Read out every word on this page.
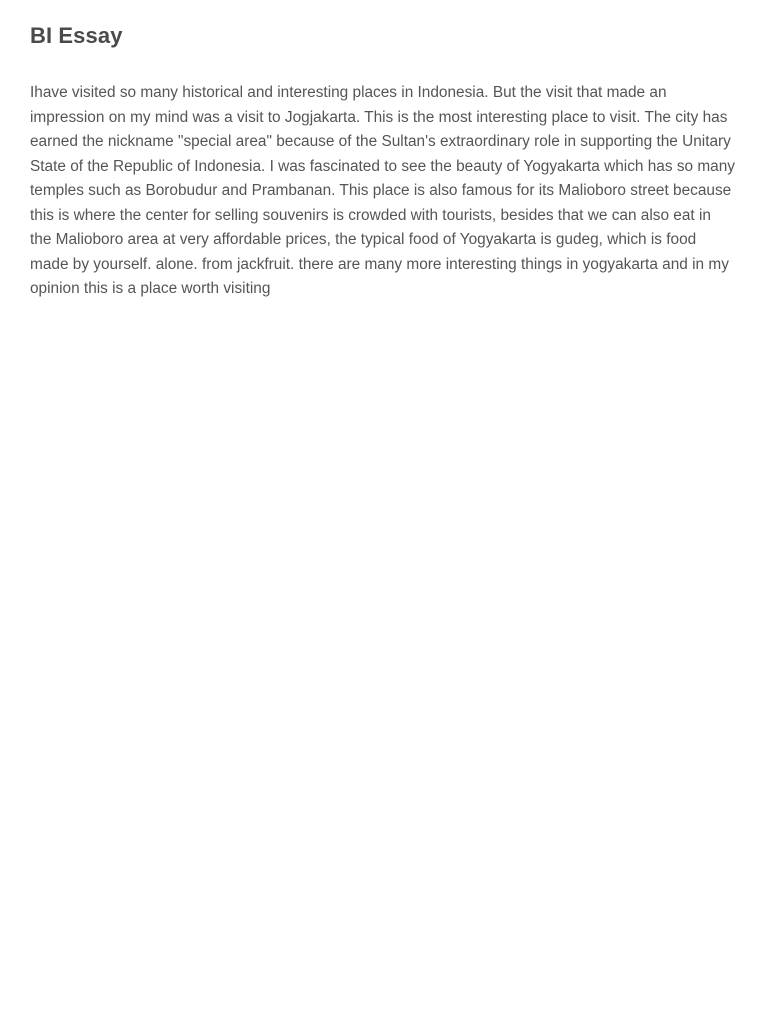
BI Essay

Ihave visited so many historical and interesting places in Indonesia. But the visit that made an impression on my mind was a visit to Jogjakarta. This is the most interesting place to visit. The city has earned the nickname "special area" because of the Sultan's extraordinary role in supporting the Unitary State of the Republic of Indonesia. I was fascinated to see the beauty of Yogyakarta which has so many temples such as Borobudur and Prambanan. This place is also famous for its Malioboro street because this is where the center for selling souvenirs is crowded with tourists, besides that we can also eat in the Malioboro area at very affordable prices, the typical food of Yogyakarta is gudeg, which is food made by yourself. alone. from jackfruit. there are many more interesting things in yogyakarta and in my opinion this is a place worth visiting
